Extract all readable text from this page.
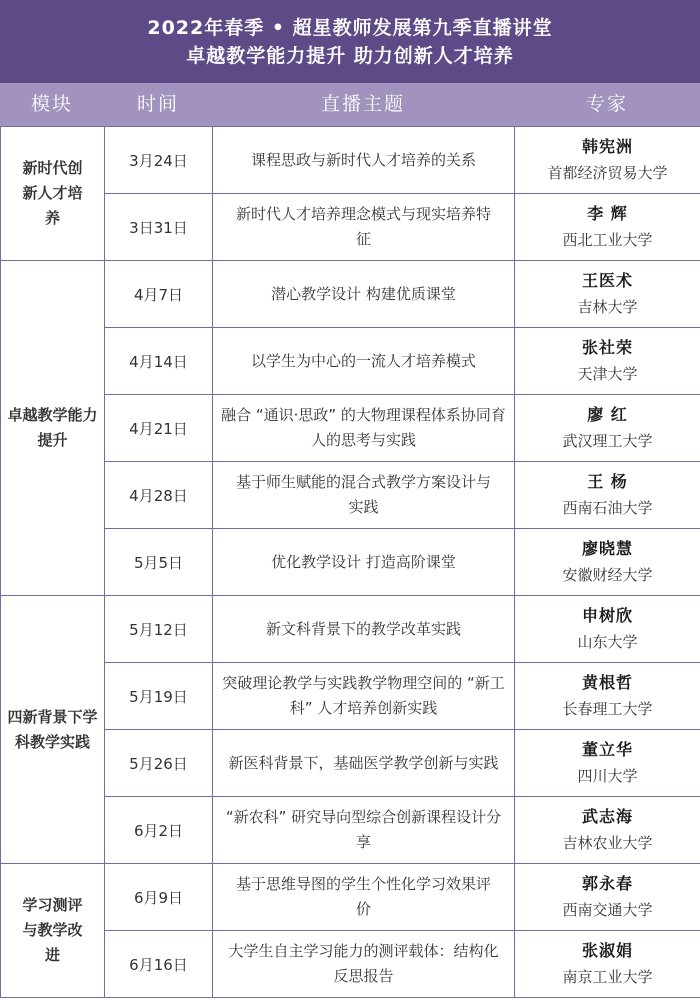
2022年春季 • 超星教师发展第九季直播讲堂
卓越教学能力提升 助力创新人才培养
模块	时间	直播主题	专家
新时代创新人才培养	3月24日	课程思政与新时代人才培养的关系	韩宪洲
首都经济贸易大学

	3日31日	新时代人才培养理念模式与现实培养特征	李 辉
西北工业大学

卓越教学能力提升	4月7日	潜心教学设计 构建优质课堂	王医术
吉林大学

	4月14日	以学生为中心的一流人才培养模式	张社荣
天津大学

	4月21日	融合 “通识·思政” 的大物理课程体系协同育人的思考与实践	廖 红
武汉理工大学

	4月28日	基于师生赋能的混合式教学方案设计与实践	王 杨
西南石油大学

	5月5日	优化教学设计 打造高阶课堂	廖晓慧
安徽财经大学

四新背景下学科教学实践	5月12日	新文科背景下的教学改革实践	申树欣
山东大学

	5月19日	突破理论教学与实践教学物理空间的 “新工科” 人才培养创新实践	黄根哲
长春理工大学

	5月26日	新医科背景下，基础医学教学创新与实践	董立华
四川大学

	6月2日	“新农科” 研究导向型综合创新课程设计分享	武志海
吉林农业大学

学习测评与教学改进	6月9日	基于思维导图的学生个性化学习效果评价	郭永春
西南交通大学

	6月16日	大学生自主学习能力的测评载体：结构化反思报告	张淑娟
南京工业大学
